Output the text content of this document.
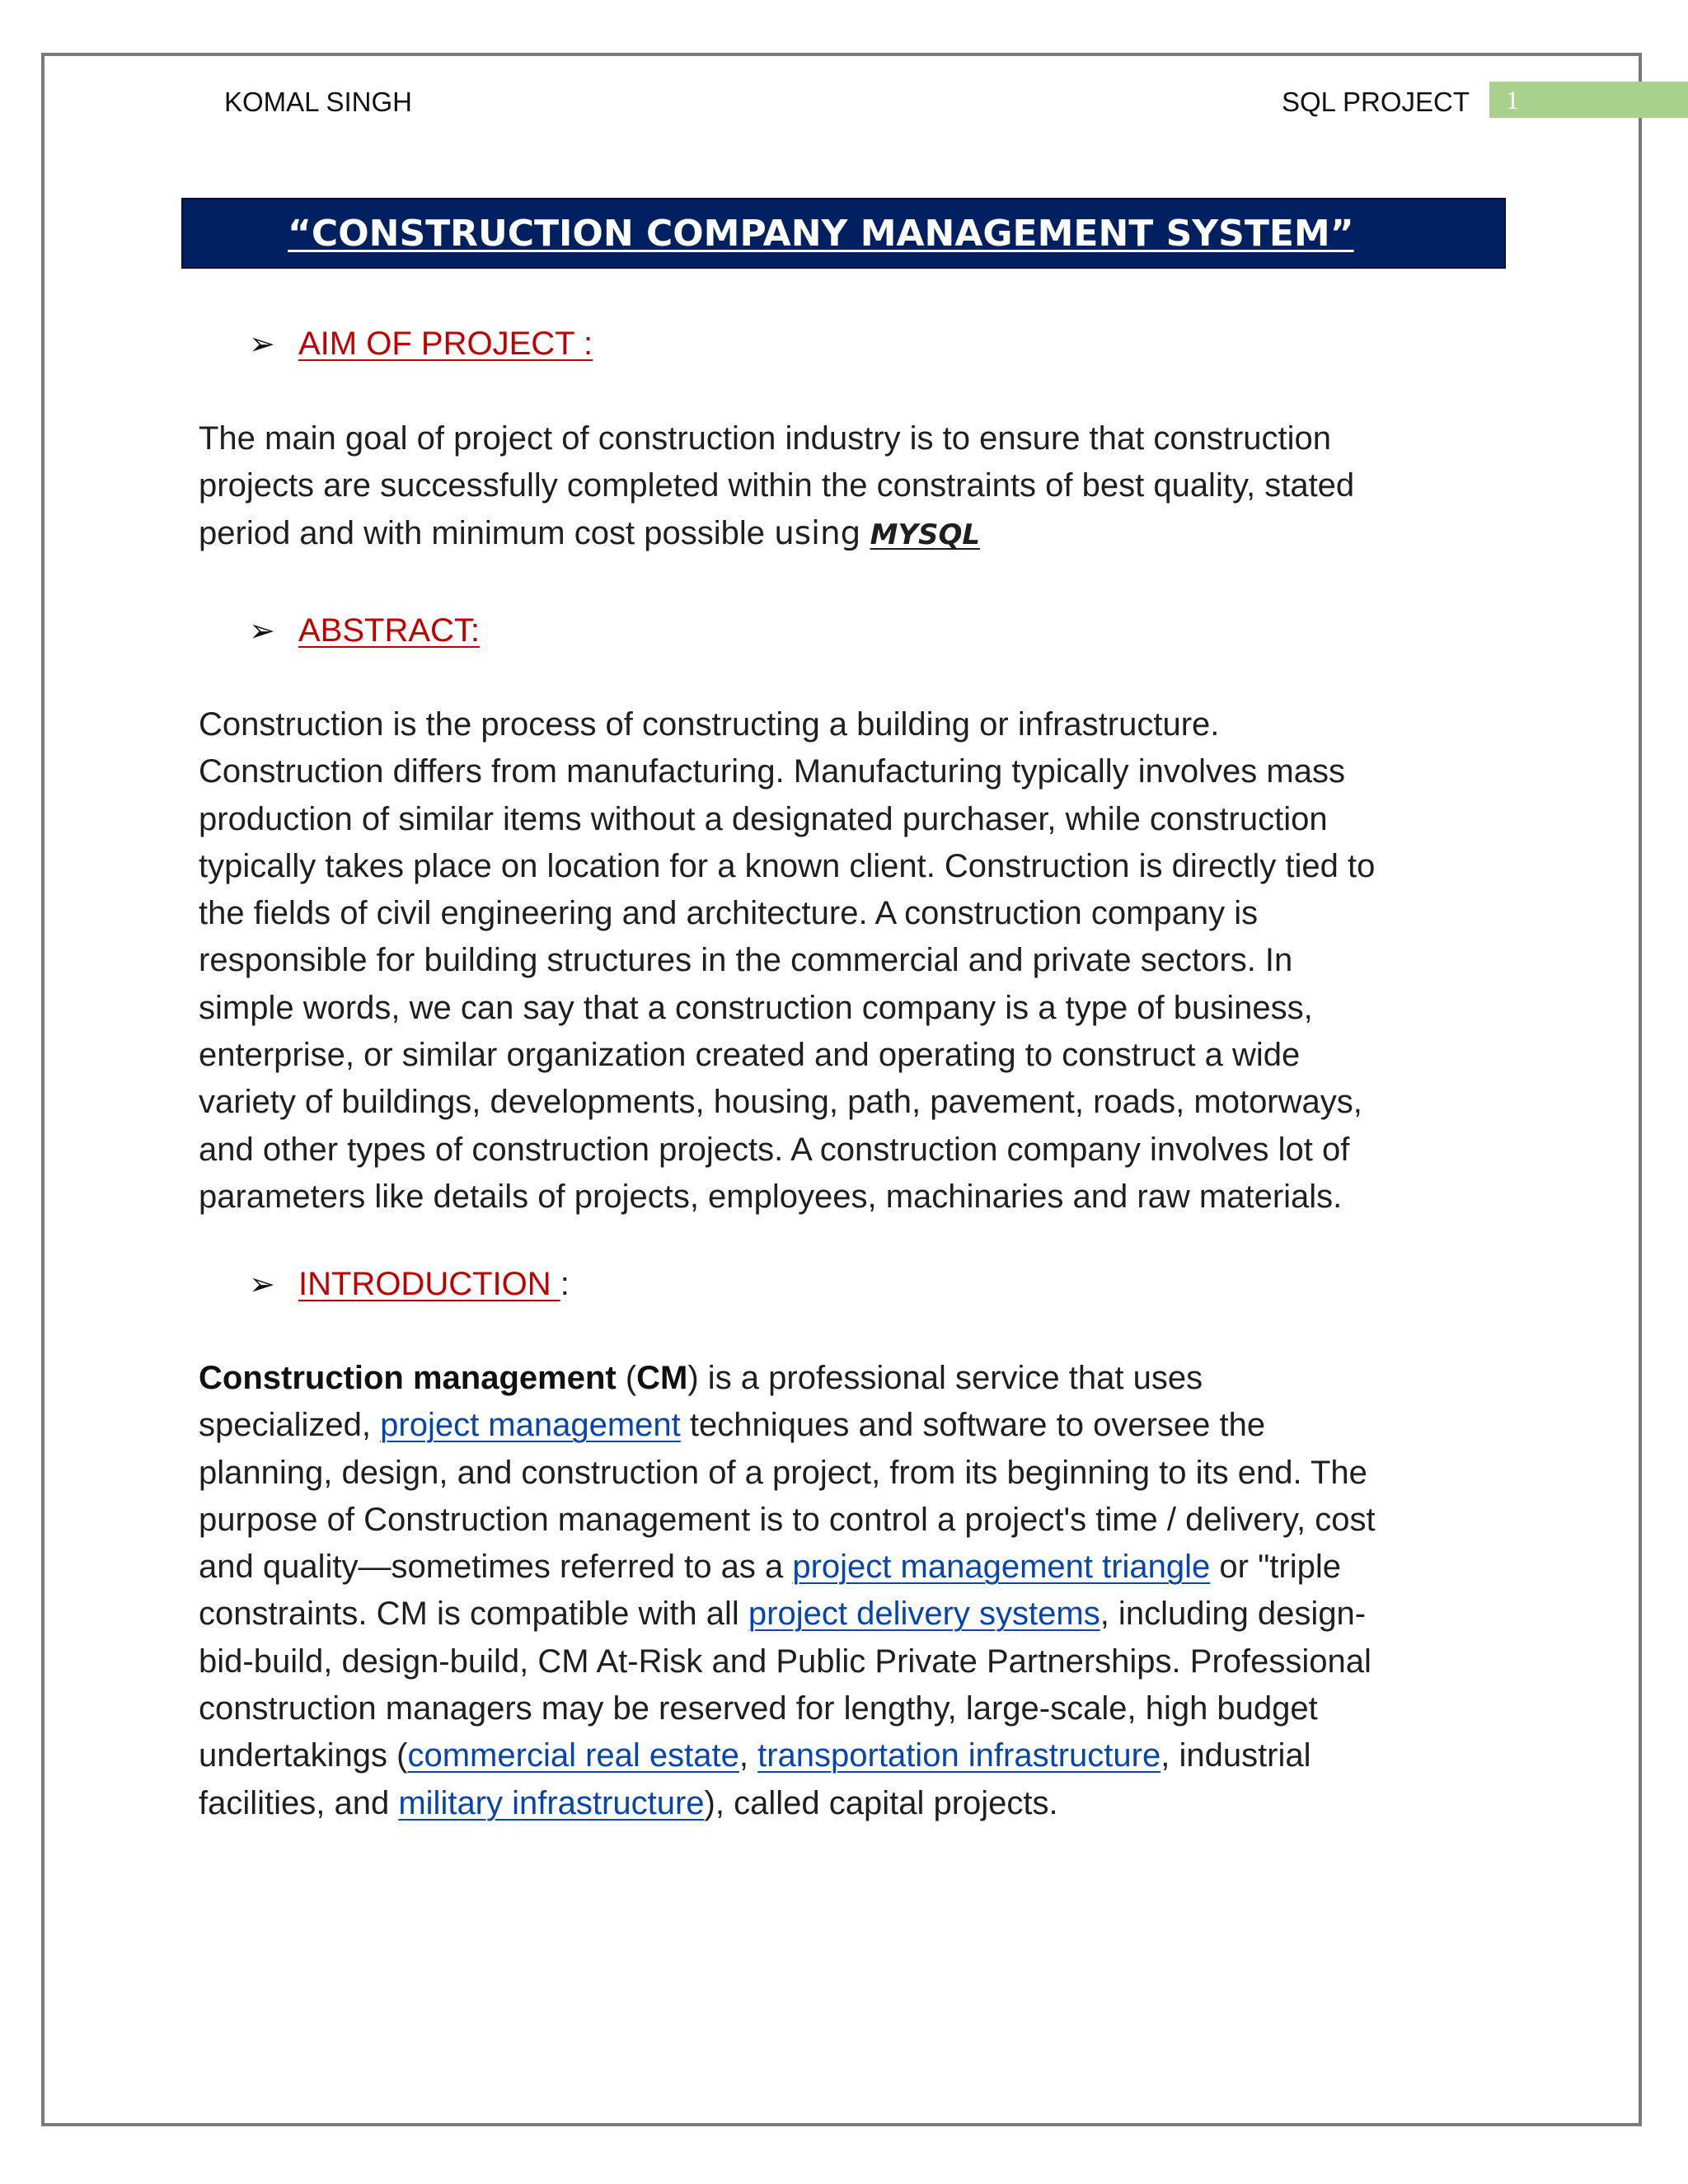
KOMAL SINGH	SQL PROJECT 1
“CONSTRUCTION COMPANY MANAGEMENT SYSTEM”
➢ AIM OF PROJECT :
The main goal of project of construction industry is to ensure that construction
projects are successfully completed within the constraints of best quality, stated
period and with minimum cost possible using MYSQL
➢ ABSTRACT:
Construction is the process of constructing a building or infrastructure.
Construction differs from manufacturing. Manufacturing typically involves mass
production of similar items without a designated purchaser, while construction
typically takes place on location for a known client. Construction is directly tied to
the fields of civil engineering and architecture. A construction company is
responsible for building structures in the commercial and private sectors. In
simple words, we can say that a construction company is a type of business,
enterprise, or similar organization created and operating to construct a wide
variety of buildings, developments, housing, path, pavement, roads, motorways,
and other types of construction projects. A construction company involves lot of
parameters like details of projects, employees, machinaries and raw materials.
➢ INTRODUCTION :
Construction management (CM) is a professional service that uses
specialized, project management techniques and software to oversee the
planning, design, and construction of a project, from its beginning to its end. The
purpose of Construction management is to control a project's time / delivery, cost
and quality—sometimes referred to as a project management triangle or "triple
constraints. CM is compatible with all project delivery systems, including design-
bid-build, design-build, CM At-Risk and Public Private Partnerships. Professional
construction managers may be reserved for lengthy, large-scale, high budget
undertakings (commercial real estate, transportation infrastructure, industrial
facilities, and military infrastructure), called capital projects.
